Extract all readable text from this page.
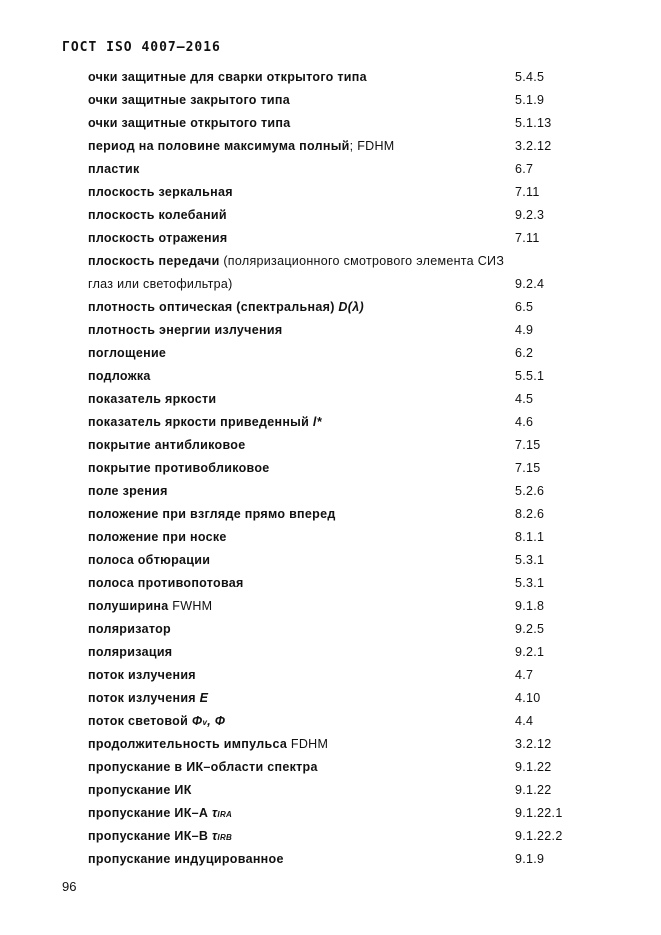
ГОСТ ISO 4007–2016
очки защитные для сварки открытого типа	5.4.5
очки защитные закрытого типа	5.1.9
очки защитные открытого типа	5.1.13
период на половине максимума полный; FDHM	3.2.12
пластик	6.7
плоскость зеркальная	7.11
плоскость колебаний	9.2.3
плоскость отражения	7.11
плоскость передачи (поляризационного смотрового элемента СИЗ глаз или светофильтра)	9.2.4
плотность оптическая (спектральная) D(λ)	6.5
плотность энергии излучения	4.9
поглощение	6.2
подложка	5.5.1
показатель яркости	4.5
показатель яркости приведенный l*	4.6
покрытие антибликовое	7.15
покрытие противобликовое	7.15
поле зрения	5.2.6
положение при взгляде прямо вперед	8.2.6
положение при носке	8.1.1
полоса обтюрации	5.3.1
полоса противопотовая	5.3.1
полуширина FWHM	9.1.8
поляризатор	9.2.5
поляризация	9.2.1
поток излучения	4.7
поток излучения E	4.10
поток световой Φv, Φ	4.4
продолжительность импульса FDHM	3.2.12
пропускание в ИК–области спектра	9.1.22
пропускание ИК	9.1.22
пропускание ИК–А τIRA	9.1.22.1
пропускание ИК–В τIRB	9.1.22.2
пропускание индуцированное	9.1.9
96
